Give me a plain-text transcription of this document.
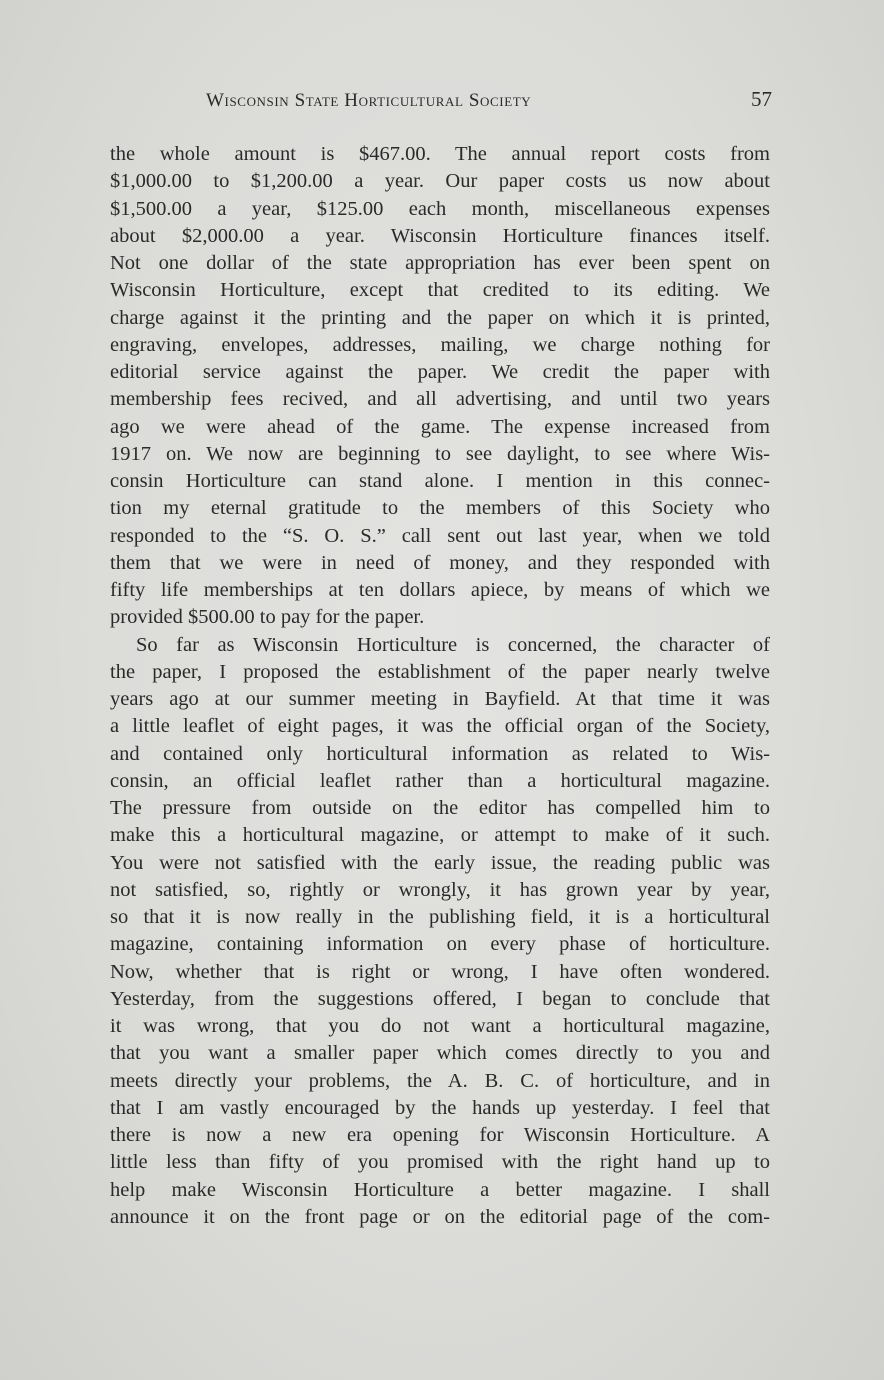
Wisconsin State Horticultural Society	57
the whole amount is $467.00. The annual report costs from
$1,000.00 to $1,200.00 a year. Our paper costs us now about
$1,500.00 a year, $125.00 each month, miscellaneous expenses
about $2,000.00 a year. Wisconsin Horticulture finances itself.
Not one dollar of the state appropriation has ever been spent on
Wisconsin Horticulture, except that credited to its editing. We
charge against it the printing and the paper on which it is printed,
engraving, envelopes, addresses, mailing, we charge nothing for
editorial service against the paper. We credit the paper with
membership fees recived, and all advertising, and until two years
ago we were ahead of the game. The expense increased from
1917 on. We now are beginning to see daylight, to see where Wis-
consin Horticulture can stand alone. I mention in this connec-
tion my eternal gratitude to the members of this Society who
responded to the “S. O. S.” call sent out last year, when we told
them that we were in need of money, and they responded with
fifty life memberships at ten dollars apiece, by means of which we
provided $500.00 to pay for the paper.
So far as Wisconsin Horticulture is concerned, the character of
the paper, I proposed the establishment of the paper nearly twelve
years ago at our summer meeting in Bayfield. At that time it was
a little leaflet of eight pages, it was the official organ of the Society,
and contained only horticultural information as related to Wis-
consin, an official leaflet rather than a horticultural magazine.
The pressure from outside on the editor has compelled him to
make this a horticultural magazine, or attempt to make of it such.
You were not satisfied with the early issue, the reading public was
not satisfied, so, rightly or wrongly, it has grown year by year,
so that it is now really in the publishing field, it is a horticultural
magazine, containing information on every phase of horticulture.
Now, whether that is right or wrong, I have often wondered.
Yesterday, from the suggestions offered, I began to conclude that
it was wrong, that you do not want a horticultural magazine,
that you want a smaller paper which comes directly to you and
meets directly your problems, the A. B. C. of horticulture, and in
that I am vastly encouraged by the hands up yesterday. I feel that
there is now a new era opening for Wisconsin Horticulture. A
little less than fifty of you promised with the right hand up to
help make Wisconsin Horticulture a better magazine. I shall
announce it on the front page or on the editorial page of the com-
